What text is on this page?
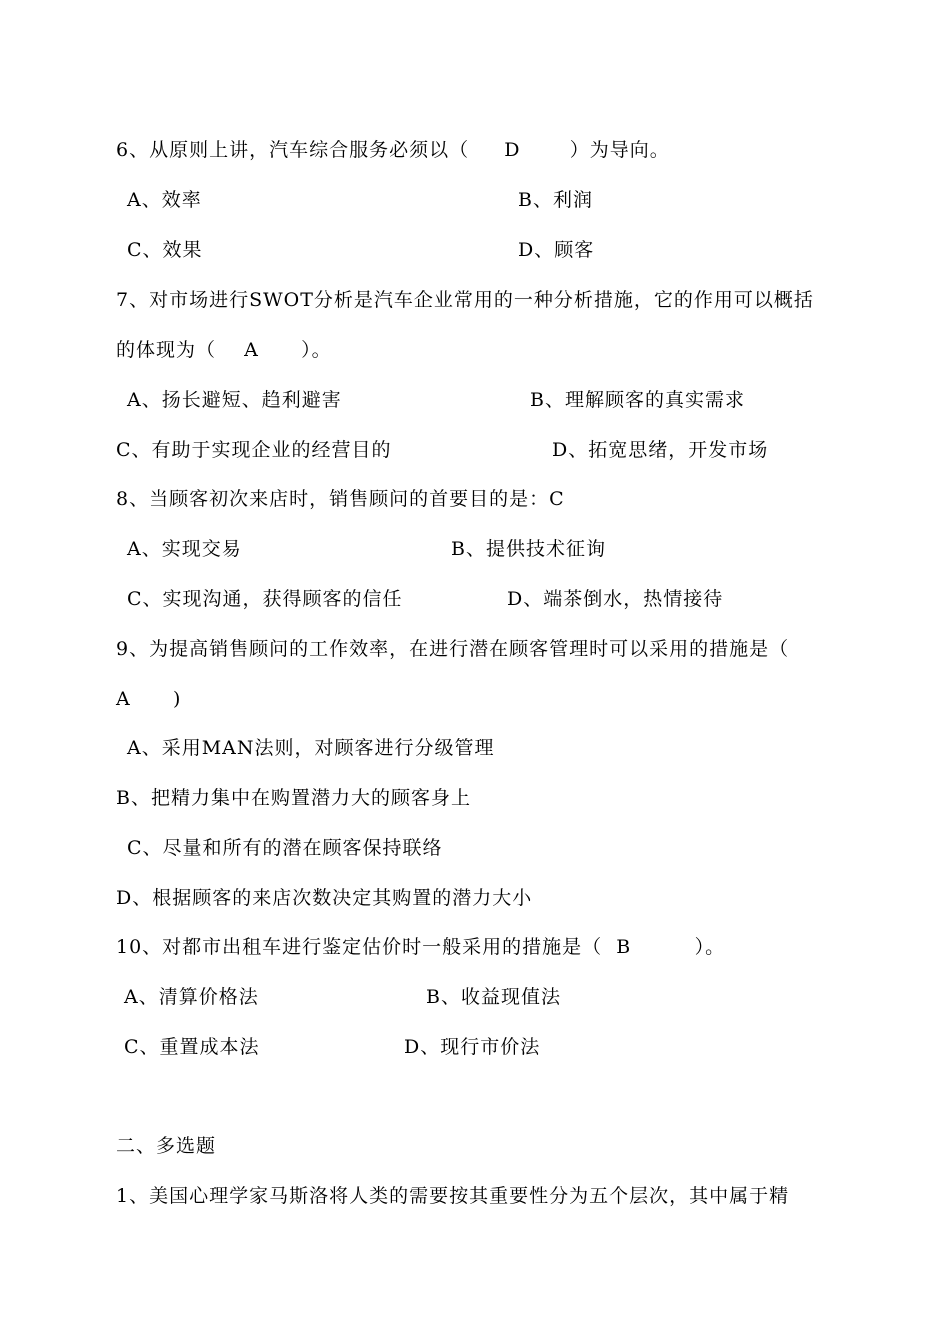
6、从原则上讲，汽车综合服务必须以（     D       ）为导向。
A、效率	B、利润
C、效果	D、顾客
7、对市场进行SWOT分析是汽车企业常用的一种分析措施，它的作用可以概括
的体现为（    A      ）。
A、扬长避短、趋利避害	B、理解顾客的真实需求
C、有助于实现企业的经营目的	D、拓宽思绪，开发市场
8、当顾客初次来店时，销售顾问的首要目的是：C
A、实现交易	B、提供技术征询
C、实现沟通，获得顾客的信任	D、端茶倒水，热情接待
9、为提高销售顾问的工作效率，在进行潜在顾客管理时可以采用的措施是（
A      )
A、采用MAN法则，对顾客进行分级管理
B、把精力集中在购置潜力大的顾客身上
C、尽量和所有的潜在顾客保持联络
D、根据顾客的来店次数决定其购置的潜力大小
10、对都市出租车进行鉴定估价时一般采用的措施是（  B         ）。
A、清算价格法	B、收益现值法
C、重置成本法	D、现行市价法
二、多选题
1、美国心理学家马斯洛将人类的需要按其重要性分为五个层次，其中属于精
